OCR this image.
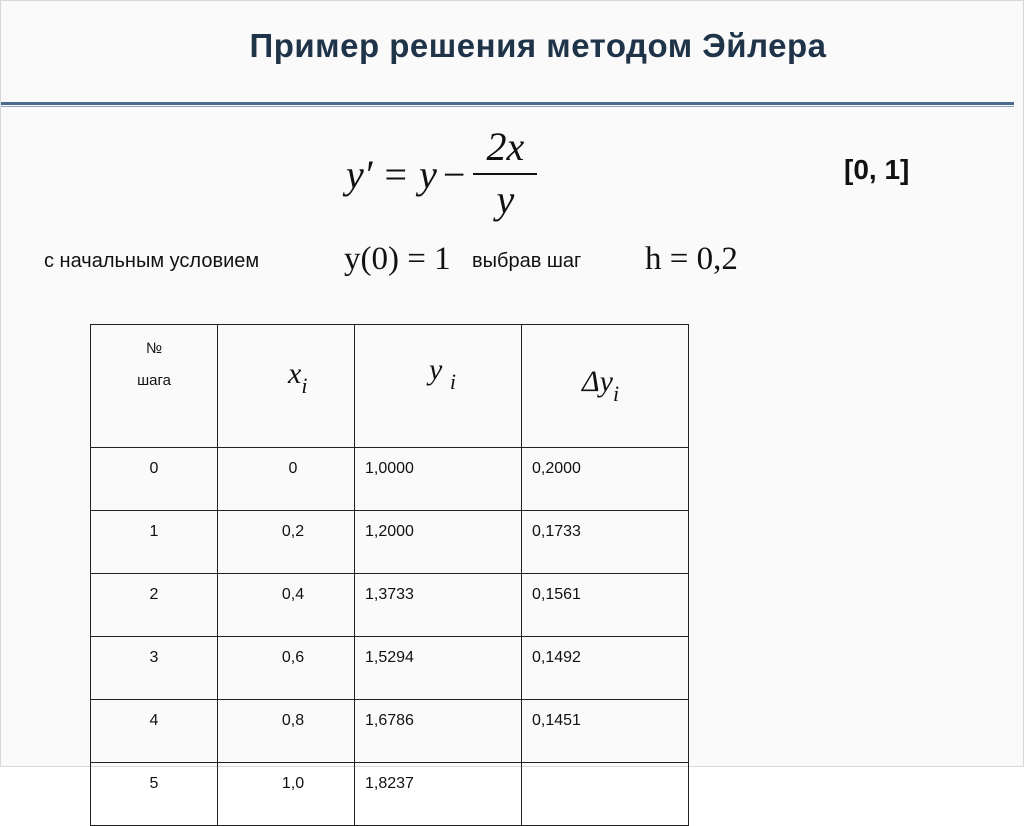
Пример решения методом Эйлера
$y' = y - \frac{2x}{y}$	[0, 1]
с начальным условием	y(0) = 1 выбрав шаг h = 0,2
№
шага	$x_i$	y $_i$	$\Delta y_i$

0	0	1,0000	0,2000
1	0,2	1,2000	0,1733
2	0,4	1,3733	0,1561
3	0,6	1,5294	0,1492
4	0,8	1,6786	0,1451
5	1,0	1,8237	
